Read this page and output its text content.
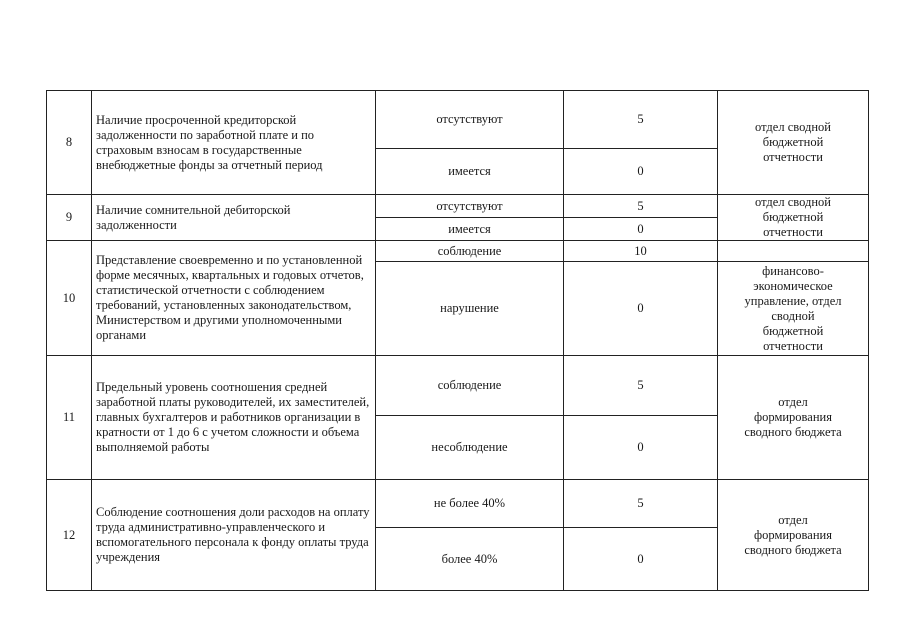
8	Наличие просроченной кредиторской задолженности по заработной плате и по страховым взносам в государственные внебюджетные фонды за отчетный период	отсутствуют	5	отдел сводной бюджетной отчетности
		имеется	0	
9	Наличие сомнительной дебиторской задолженности	отсутствуют	5	отдел сводной бюджетной отчетности
		имеется	0	
10	Представление своевременно и по установленной форме месячных, квартальных и годовых отчетов, статистической отчетности с соблюдением требований, установленных законодательством, Министерством и другими уполномоченными органами	соблюдение	10	
		нарушение	0	финансово-экономическое управление, отдел сводной бюджетной отчетности
11	Предельный уровень соотношения средней заработной платы руководителей, их заместителей, главных бухгалтеров и работников организации в кратности от 1 до 6 с учетом сложности и объема выполняемой работы	соблюдение	5	отдел формирования сводного бюджета
		несоблюдение	0	
12	Соблюдение соотношения доли расходов на оплату труда административно-управленческого и вспомогательного персонала к фонду оплаты труда учреждения	не более 40%	5	отдел формирования сводного бюджета
		более 40%	0	
